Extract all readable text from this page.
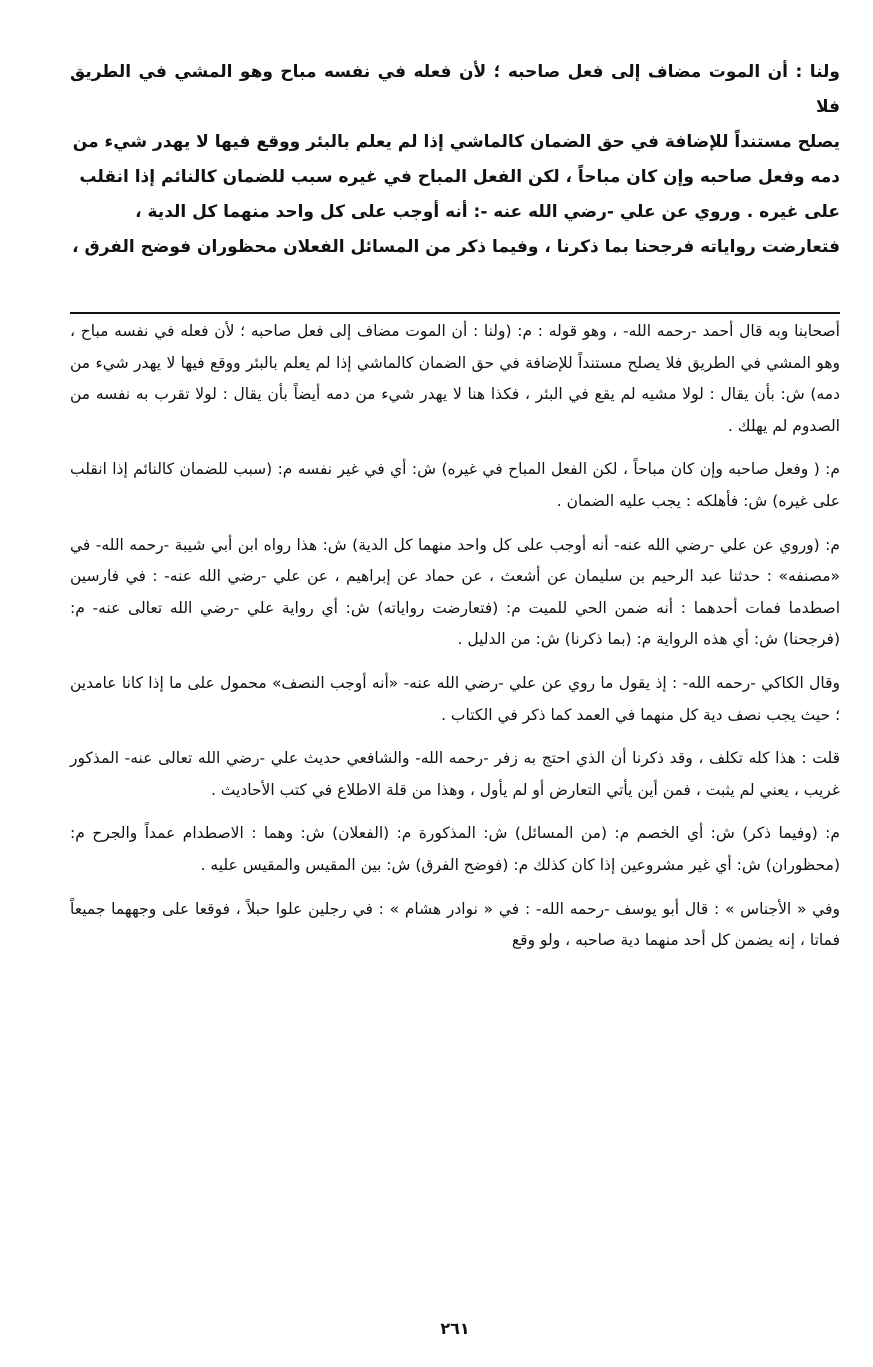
ولنا : أن الموت مضاف إلى فعل صاحبه ؛ لأن فعله في نفسه مباح وهو المشي في الطريق فلا

يصلح مستنداً للإضافة في حق الضمان كالماشي إذا لم يعلم بالبئر ووقع فيها لا يهدر شيء من

دمه وفعل صاحبه وإن كان مباحاً ، لكن الفعل المباح في غيره سبب للضمان كالنائم إذا انقلب

على غيره . وروي عن علي -رضي الله عنه -: أنه أوجب على كل واحد منهما كل الدية ،

فتعارضت رواياته فرجحنا بما ذكرنا ، وفيما ذكر من المسائل الفعلان محظوران فوضح الفرق ،

أصحابنا وبه قال أحمد -رحمه الله- ، وهو قوله : م: (ولنا : أن الموت مضاف إلى فعل صاحبه ؛ لأن فعله في نفسه مباح ، وهو المشي في الطريق فلا يصلح مستنداً للإضافة في حق الضمان كالماشي إذا لم يعلم بالبئر ووقع فيها لا يهدر شيء من دمه) ش: بأن يقال : لولا مشيه لم يقع في البئر ، فكذا هنا لا يهدر شيء من دمه أيضاً بأن يقال : لولا تقرب به نفسه من الصدوم لم يهلك .

م: ( وفعل صاحبه وإن كان مباحاً ، لكن الفعل المباح في غيره) ش: أي في غير نفسه م: (سبب للضمان كالنائم إذا انقلب على غيره) ش: فأهلكه : يجب عليه الضمان .

م: (وروي عن علي -رضي الله عنه- أنه أوجب على كل واحد منهما كل الدية) ش: هذا رواه ابن أبي شيبة -رحمه الله- في «مصنفه» : حدثنا عبد الرحيم بن سليمان عن أشعث ، عن حماد عن إبراهيم ، عن علي -رضي الله عنه- : في فارسين اصطدما فمات أحدهما : أنه ضمن الحي للميت م: (فتعارضت رواياته) ش: أي رواية علي -رضي الله تعالى عنه- م: (فرجحنا) ش: أي هذه الرواية م: (بما ذكرنا) ش: من الدليل .

وقال الكاكي -رحمه الله- : إذ يقول ما روي عن علي -رضي الله عنه- «أنه أوجب النصف» محمول على ما إذا كانا عامدين ؛ حيث يجب نصف دية كل منهما في العمد كما ذكر في الكتاب .

قلت : هذا كله تكلف ، وقد ذكرنا أن الذي احتج به زفر -رحمه الله- والشافعي حديث علي -رضي الله تعالى عنه- المذكور غريب ، يعني لم يثبت ، فمن أين يأتي التعارض أو لم يأول ، وهذا من قلة الاطلاع في كتب الأحاديث .

م: (وفيما ذكر) ش: أي الخصم م: (من المسائل) ش: المذكورة م: (الفعلان) ش: وهما : الاصطدام عمداً والجرح م: (محظوران) ش: أي غير مشروعين إذا كان كذلك م: (فوضح الفرق) ش: بين المقيس والمقيس عليه .

وفي « الأجناس » : قال أبو يوسف -رحمه الله- : في « نوادر هشام » : في رجلين علوا حبلاً ، فوقعا على وجههما جميعاً فماتا ، إنه يضمن كل أحد منهما دية صاحبه ، ولو وقع

٢٦١
